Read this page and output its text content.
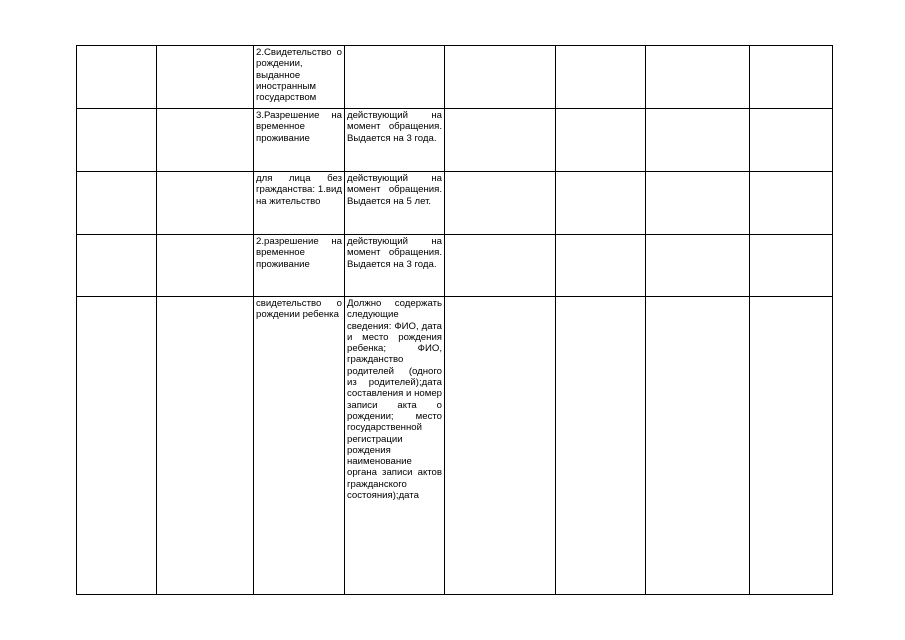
		2.Свидетельство о рождении, выданное иностранным государством					

		3.Разрешение на временное проживание	действующий на момент обращения. Выдается на 3 года.				

		для лица без гражданства: 1.вид на жительство	действующий на момент обращения. Выдается на 5 лет.				

		2.разрешение на временное проживание	действующий на момент обращения. Выдается на 3 года.				

		свидетельство о рождении ребенка	Должно содержать следующие сведения: ФИО, дата и место рождения ребенка; ФИО, гражданство родителей (одного из родителей);дата составления и номер записи акта о рождении; место государственной регистрации рождения наименование органа записи актов гражданского состояния);дата				
